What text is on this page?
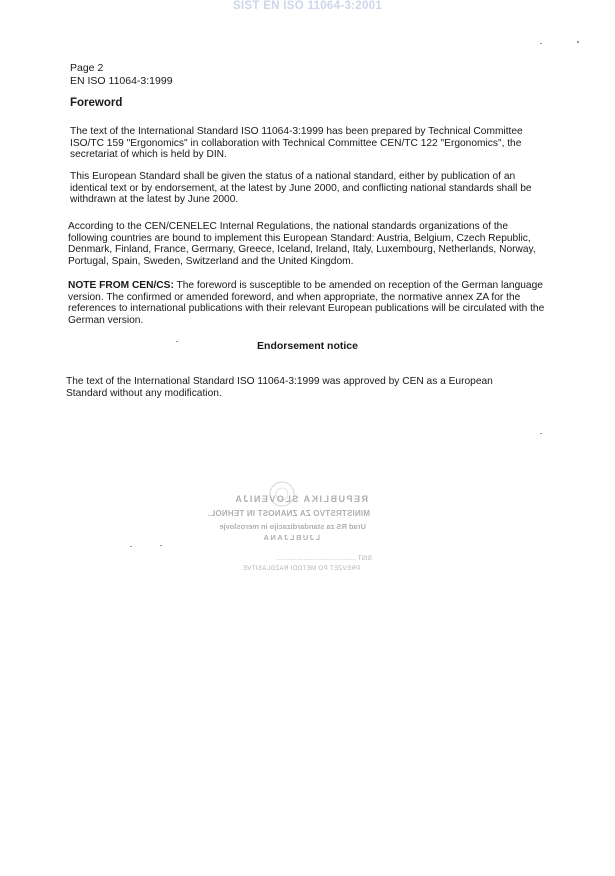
SIST EN ISO 11064-3:2001
Page 2
EN ISO 11064-3:1999
Foreword

The text of the International Standard ISO 11064-3:1999 has been prepared by Technical Committee ISO/TC 159 "Ergonomics" in collaboration with Technical Committee CEN/TC 122 "Ergonomics", the secretariat of which is held by DIN.

This European Standard shall be given the status of a national standard, either by publication of an identical text or by endorsement, at the latest by June 2000, and conflicting national standards shall be withdrawn at the latest by June 2000.

According to the CEN/CENELEC Internal Regulations, the national standards organizations of the following countries are bound to implement this European Standard: Austria, Belgium, Czech Republic, Denmark, Finland, France, Germany, Greece, Iceland, Ireland, Italy, Luxembourg, Netherlands, Norway, Portugal, Spain, Sweden, Switzerland and the United Kingdom.

NOTE FROM CEN/CS: The foreword is susceptible to be amended on reception of the German language version. The confirmed or amended foreword, and when appropriate, the normative annex ZA for the references to international publications with their relevant European publications will be circulated with the German version.

Endorsement notice

The text of the International Standard ISO 11064-3:1999 was approved by CEN as a European Standard without any modification.

REPUBLIKA SLOVENIJA
MINISTRSTVO ZA ZNANOST IN TEHNOL.
Urad RS za standardizacijo in meroslovje
LJUBLJANA
SIST ............................................
PREVZET PO METODI RAZGLASITVE
